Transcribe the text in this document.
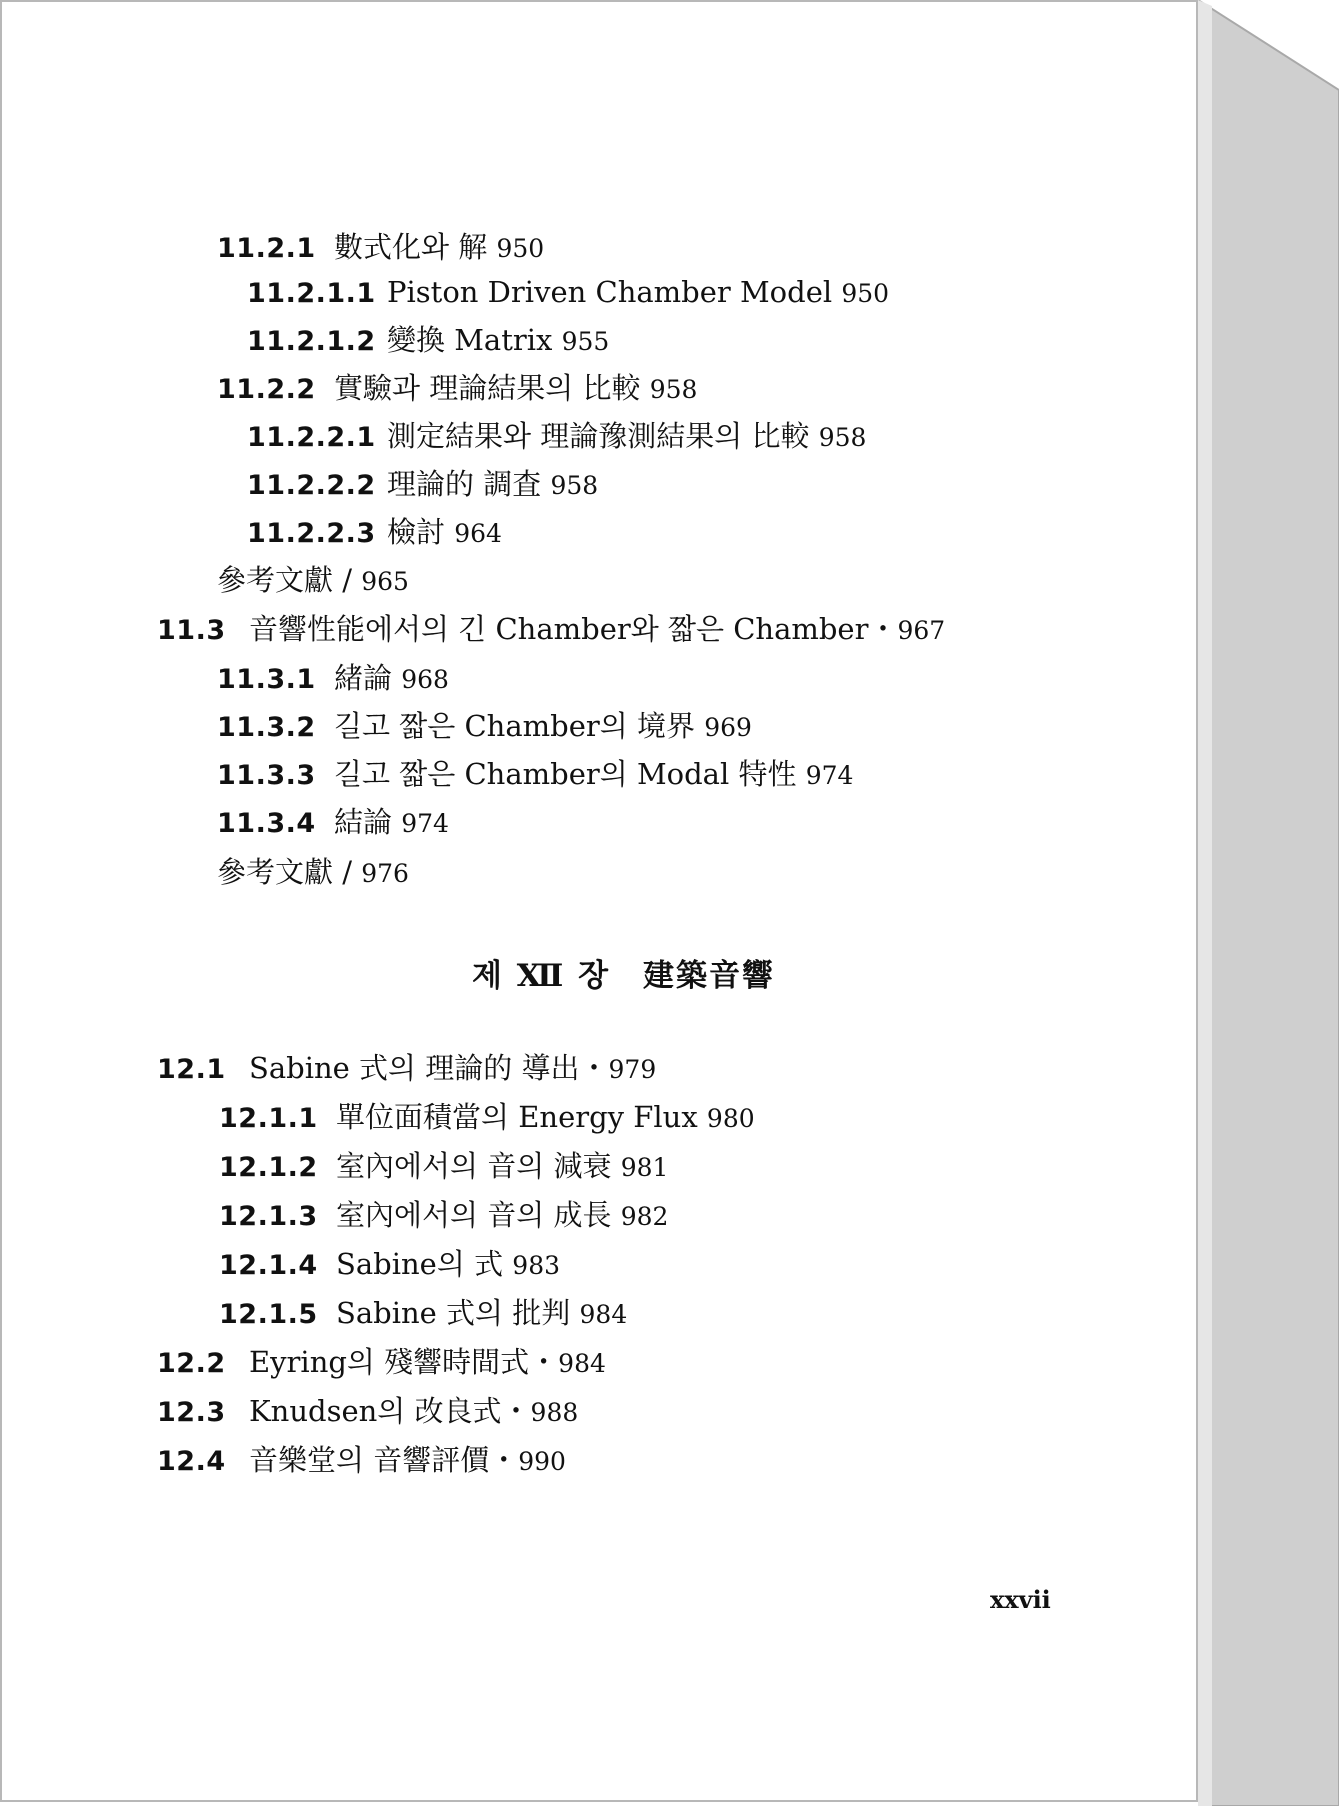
11.2.1 數式化와 解 950
11.2.1.1 Piston Driven Chamber Model 950
11.2.1.2 變換 Matrix 955
11.2.2 實驗과 理論結果의 比較 958
11.2.2.1 測定結果와 理論豫測結果의 比較 958
11.2.2.2 理論的 調査 958
11.2.2.3 檢討 964
參考文獻 / 965
11.3 音響性能에서의 긴 Chamber와 짧은 Chamber・967
11.3.1 緒論 968
11.3.2 길고 짧은 Chamber의 境界 969
11.3.3 길고 짧은 Chamber의 Modal 特性 974
11.3.4 結論 974
參考文獻 / 976
제 Ⅻ 장　建築音響
12.1 Sabine 式의 理論的 導出・979
12.1.1 單位面積當의 Energy Flux 980
12.1.2 室內에서의 音의 減衰 981
12.1.3 室內에서의 音의 成長 982
12.1.4 Sabine의 式 983
12.1.5 Sabine 式의 批判 984
12.2 Eyring의 殘響時間式・984
12.3 Knudsen의 改良式・988
12.4 音樂堂의 音響評價・990
xxvii
